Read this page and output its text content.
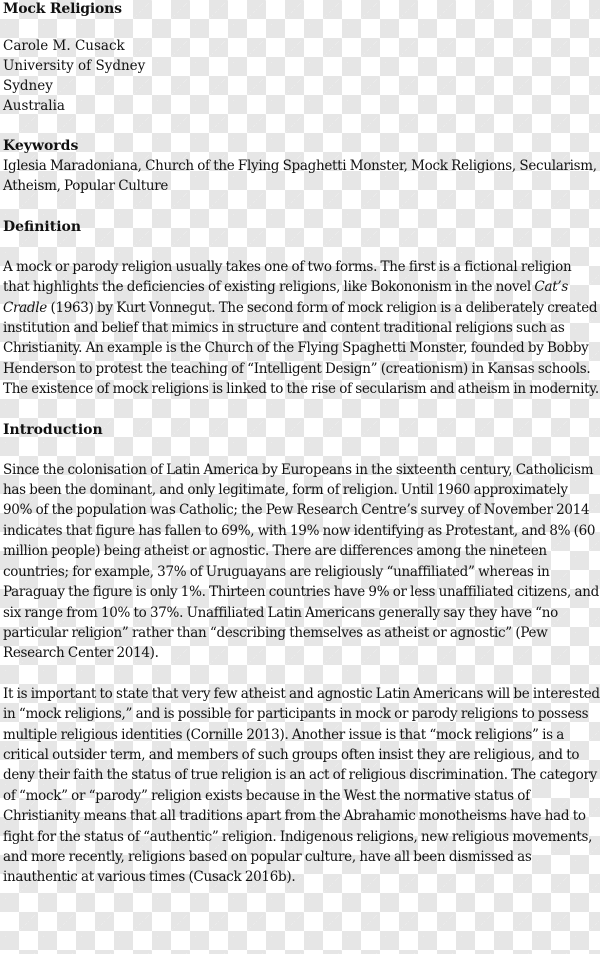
Mock Religions
Carole M. Cusack
University of Sydney
Sydney
Australia
Keywords
Iglesia Maradoniana, Church of the Flying Spaghetti Monster, Mock Religions, Secularism, Atheism, Popular Culture
Definition
A mock or parody religion usually takes one of two forms. The first is a fictional religion that highlights the deficiencies of existing religions, like Bokononism in the novel Cat’s Cradle (1963) by Kurt Vonnegut. The second form of mock religion is a deliberately created institution and belief that mimics in structure and content traditional religions such as Christianity. An example is the Church of the Flying Spaghetti Monster, founded by Bobby Henderson to protest the teaching of “Intelligent Design” (creationism) in Kansas schools. The existence of mock religions is linked to the rise of secularism and atheism in modernity.
Introduction
Since the colonisation of Latin America by Europeans in the sixteenth century, Catholicism has been the dominant, and only legitimate, form of religion. Until 1960 approximately 90% of the population was Catholic; the Pew Research Centre’s survey of November 2014 indicates that figure has fallen to 69%, with 19% now identifying as Protestant, and 8% (60 million people) being atheist or agnostic. There are differences among the nineteen countries; for example, 37% of Uruguayans are religiously “unaffiliated” whereas in Paraguay the figure is only 1%. Thirteen countries have 9% or less unaffiliated citizens, and six range from 10% to 37%. Unaffiliated Latin Americans generally say they have “no particular religion” rather than “describing themselves as atheist or agnostic” (Pew Research Center 2014).
It is important to state that very few atheist and agnostic Latin Americans will be interested in “mock religions,” and is possible for participants in mock or parody religions to possess multiple religious identities (Cornille 2013). Another issue is that “mock religions” is a critical outsider term, and members of such groups often insist they are religious, and to deny their faith the status of true religion is an act of religious discrimination. The category of “mock” or “parody” religion exists because in the West the normative status of Christianity means that all traditions apart from the Abrahamic monotheisms have had to fight for the status of “authentic” religion. Indigenous religions, new religious movements, and more recently, religions based on popular culture, have all been dismissed as inauthentic at various times (Cusack 2016b).
